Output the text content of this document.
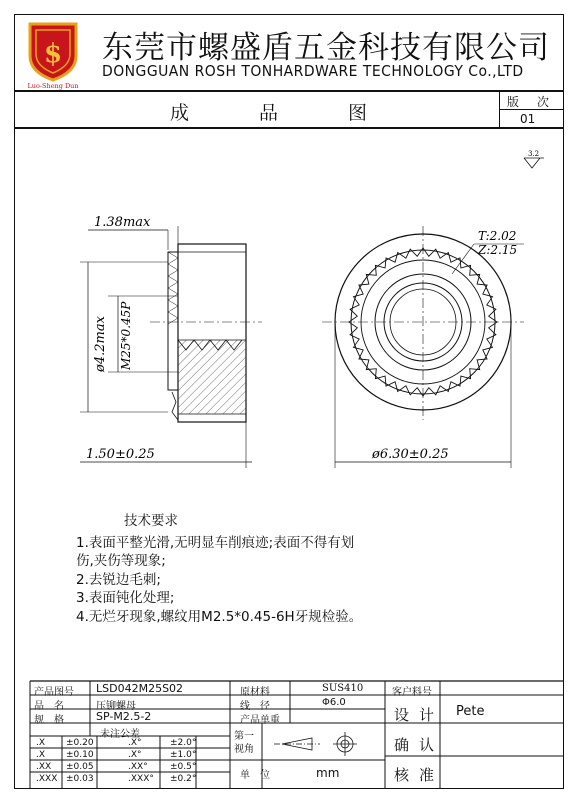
$
Luo-Sheng Dun
东莞市螺盛盾五金科技有限公司
DONGGUAN ROSH TONHARDWARE TECHNOLOGY Co.,LTD
成品图	版次
01
3.2
1.38max
ø4.2max M25*0.45P
1.50±0.25
T:2.02
Z:2.15
ø6.30±0.25
技术要求
1.表面平整光滑,无明显车削痕迹;表面不得有划
伤,夹伤等现象;
2.去锐边毛刺;
3.表面钝化处理;
4.无烂牙现象,螺纹用M2.5*0.45-6H牙规检验。
产品图号 LSD042M25S02
品　名	压铆螺母
规　格	SP-M2.5-2
原材料	SUS410
线　径	Φ6.0
产品单重
客户料号
未注公差
.X ±0.20	.X°	±2.0°
.X ±0.10	.X°	±1.0°
.XX ±0.05	.XX° ±0.5°
.XXX ±0.03	.XXX° ±0.2°
第一视角
单　位	mm
设计 Pete
确认
核准
